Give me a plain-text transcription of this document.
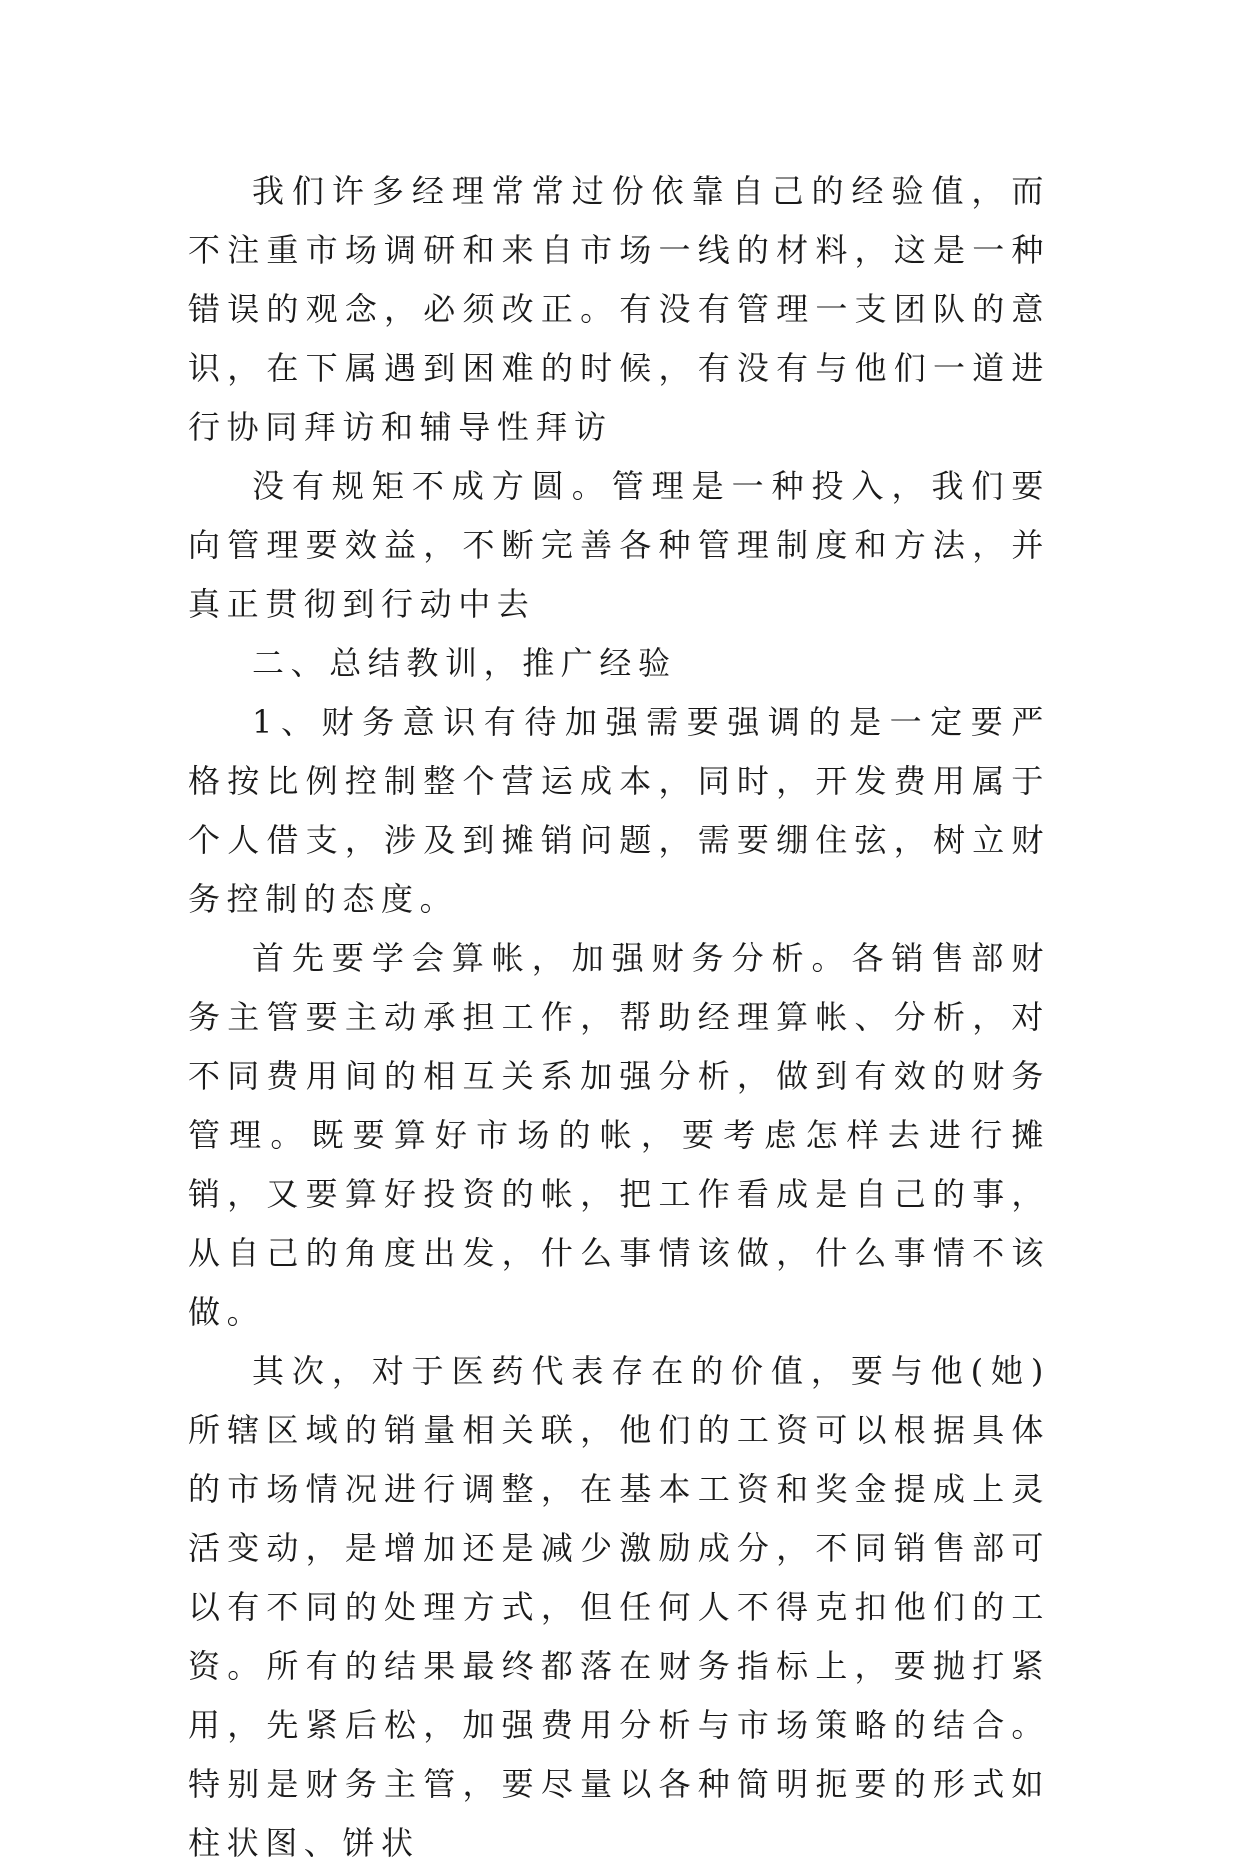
我们许多经理常常过份依靠自己的经验值，而不注重市场调研和来自市场一线的材料，这是一种错误的观念，必须改正。有没有管理一支团队的意识，在下属遇到困难的时候，有没有与他们一道进行协同拜访和辅导性拜访

没有规矩不成方圆。管理是一种投入，我们要向管理要效益，不断完善各种管理制度和方法，并真正贯彻到行动中去

二、总结教训，推广经验

1、财务意识有待加强需要强调的是一定要严格按比例控制整个营运成本，同时，开发费用属于个人借支，涉及到摊销问题，需要绷住弦，树立财务控制的态度。

首先要学会算帐，加强财务分析。各销售部财务主管要主动承担工作，帮助经理算帐、分析，对不同费用间的相互关系加强分析，做到有效的财务管理。既要算好市场的帐，要考虑怎样去进行摊销，又要算好投资的帐，把工作看成是自己的事，从自己的角度出发，什么事情该做，什么事情不该做。

其次，对于医药代表存在的价值，要与他(她)所辖区域的销量相关联，他们的工资可以根据具体的市场情况进行调整，在基本工资和奖金提成上灵活变动，是增加还是减少激励成分，不同销售部可以有不同的处理方式，但任何人不得克扣他们的工资。所有的结果最终都落在财务指标上，要抛打紧用，先紧后松，加强费用分析与市场策略的结合。特别是财务主管，要尽量以各种简明扼要的形式如柱状图、饼状
